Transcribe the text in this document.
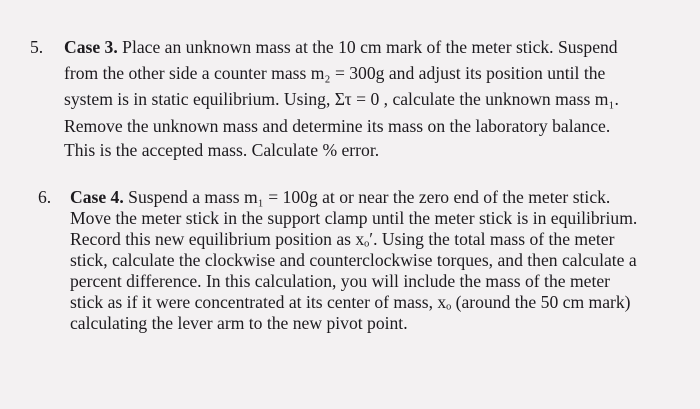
5. Case 3. Place an unknown mass at the 10 cm mark of the meter stick. Suspend
from the other side a counter mass m₂ = 300g and adjust its position until the
system is in static equilibrium. Using, Στ = 0 , calculate the unknown mass m₁.
Remove the unknown mass and determine its mass on the laboratory balance.
This is the accepted mass. Calculate % error.
6. Case 4. Suspend a mass m₁ = 100g at or near the zero end of the meter stick.
Move the meter stick in the support clamp until the meter stick is in equilibrium.
Record this new equilibrium position as xₒ′. Using the total mass of the meter
stick, calculate the clockwise and counterclockwise torques, and then calculate a
percent difference. In this calculation, you will include the mass of the meter
stick as if it were concentrated at its center of mass, xₒ (around the 50 cm mark)
calculating the lever arm to the new pivot point.
